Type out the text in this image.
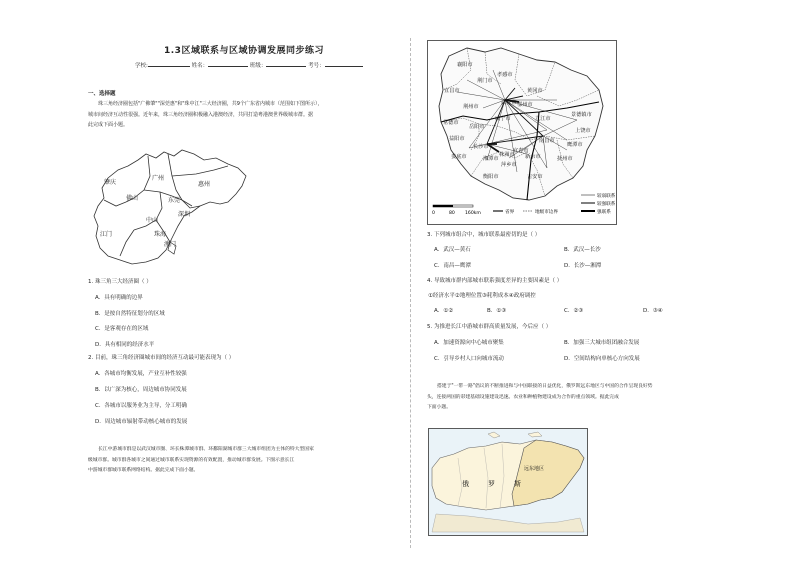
1.3区域联系与区域协调发展同步练习
学校:	姓名：	班级：	考号：
一、选择题
珠三角经济圈包括"广佛肇""深莞惠"和"珠中江"三大经济圈，共9个广东省内城市（范围如下图所示），
城市间经济互动性很强。近年来，珠三角经济圈积极融入港澳经济，共同打造粤港澳世界级城市群。据
此完成下面小题。
肇庆
广州
惠州
佛山	东莞
深圳
中山
江门	珠海
澳门
1. 珠三角三大经济圈（ ）
A．具有明确的边界
B．是按自然特征划分的区域
C．是客观存在的区域
D．具有相同的经济水平
2. 目前，珠三角经济圈城市间的经济互动最可能表现为（ ）
A．各城市均衡发展，产业互补性较强
B．以广深为核心，周边城市协同发展
C．各城市以服务业为主导，分工明确
D．周边城市辐射带动核心城市的发展
长江中游城市群是以武汉城市圈、环长株潭城市群、环鄱阳湖城市群三大城市组团为主体的特大型国家
级城市群。城市群各城市之间通过城市联系实现资源的有效配置，推动城市群发展。下图示意长江
中游城市群城市联系网络结构。据此完成下面小题。
襄阳市
荆门市
孝感市
宜昌市
武汉市
黄冈市
荆州市	鄂州市
咸宁市	九江市
景德镇市
岳阳市
南昌市
上饶市
鹰潭市
长沙市
湘潭市
株洲市
衡阳市
宜春市
新余市	抚州市
吉安市
萍乡市
娄底市
常德市
益阳市
0	80 160km
较弱联系
较强联系
强联系
省界	地级市边界
3. 下列城市组合中，城市联系最密切的是（ ）
A．武汉—黄石	B．武汉—长沙
C．南昌—鹰潭	D．长沙—湘潭
4. 导致城市群内部城市联系强度差异的主要因素是（ ）
①经济水平②地理位置③耗利成本④政府调控
A．①②	B．①③	C．②③	D．③④
5. 为推进长江中游城市群高质量发展，今后应（ ）
A．加速资源向中心城市聚集	B．加强三大城市组团融合发展
C．引导乡村人口向城市流动	D．空间结构向单核心方向发展
搭建于"一带一路"倡议的不断推进和与中国联接的日益优化，俄罗斯远东地区与中国的合作呈现良好势
头，连接两国的彩建基础设施建设迅速。农业和种植物建设成为合作的重点领域。据此完成
下面小题。
远东地区
俄	罗	斯
